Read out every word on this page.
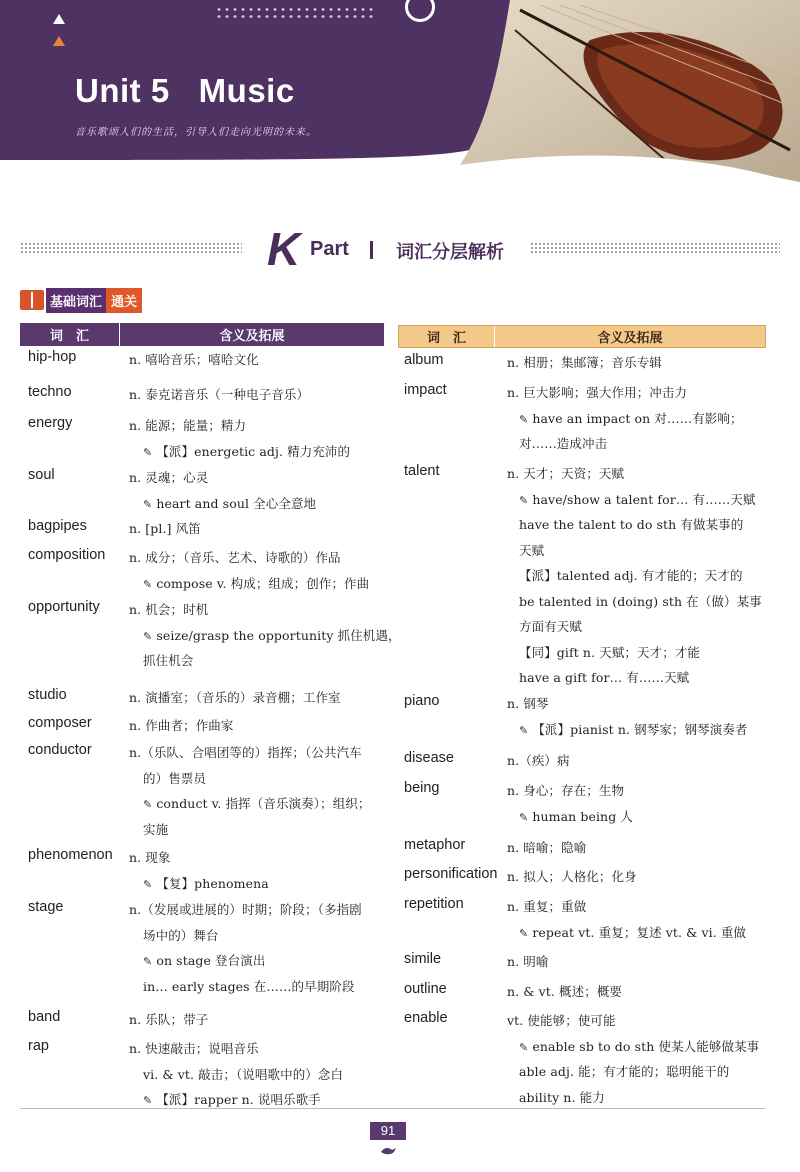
Unit 5   Music
音乐歌颂人们的生活，引导人们走向光明的未来。
K Part	词汇分层解析
基础词汇 通关
词　汇	含义及拓展	词　汇	含义及拓展
hip-hop	n. 嘻哈音乐；嘻哈文化
techno	n. 泰克诺音乐（一种电子音乐）
energy	n. 能源；能量；精力
✎ 【派】energetic adj. 精力充沛的
soul	n. 灵魂；心灵
✎ heart and soul 全心全意地
bagpipes	n. [pl.] 风笛
composition n. 成分；（音乐、艺术、诗歌的）作品
✎ compose v. 构成；组成；创作；作曲
opportunity n. 机会；时机
✎ seize/grasp the opportunity 抓住机遇，
抓住机会
studio	n. 演播室；（音乐的）录音棚；工作室
composer	n. 作曲者；作曲家
conductor	n.（乐队、合唱团等的）指挥；（公共汽车
的）售票员
✎ conduct v. 指挥（音乐演奏）；组织；
实施
phenomenon n. 现象
✎ 【复】phenomena
stage	n.（发展或进展的）时期；阶段；（多指剧
场中的）舞台
✎ on stage 登台演出
in… early stages 在……的早期阶段
band	n. 乐队；带子
rap	n. 快速敲击；说唱音乐
vi. & vt. 敲击；（说唱歌中的）念白
✎ 【派】rapper n. 说唱乐歌手
album	n. 相册；集邮簿；音乐专辑
impact	n. 巨大影响；强大作用；冲击力
✎ have an impact on 对……有影响；
对……造成冲击
talent	n. 天才；天资；天赋
✎ have/show a talent for… 有……天赋
have the talent to do sth 有做某事的
天赋
【派】talented adj. 有才能的；天才的
be talented in (doing) sth 在（做）某事
方面有天赋
【同】gift n. 天赋；天才；才能
have a gift for… 有……天赋
piano	n. 钢琴
✎ 【派】pianist n. 钢琴家；钢琴演奏者
disease	n.（疾）病
being	n. 身心；存在；生物
✎ human being 人
metaphor	n. 暗喻；隐喻
personification n. 拟人；人格化；化身
repetition	n. 重复；重做
✎ repeat vt. 重复；复述 vt. & vi. 重做
simile	n. 明喻
outline	n. & vt. 概述；概要
enable	vt. 使能够；使可能
✎ enable sb to do sth 使某人能够做某事
able adj. 能；有才能的；聪明能干的
ability n. 能力
91
